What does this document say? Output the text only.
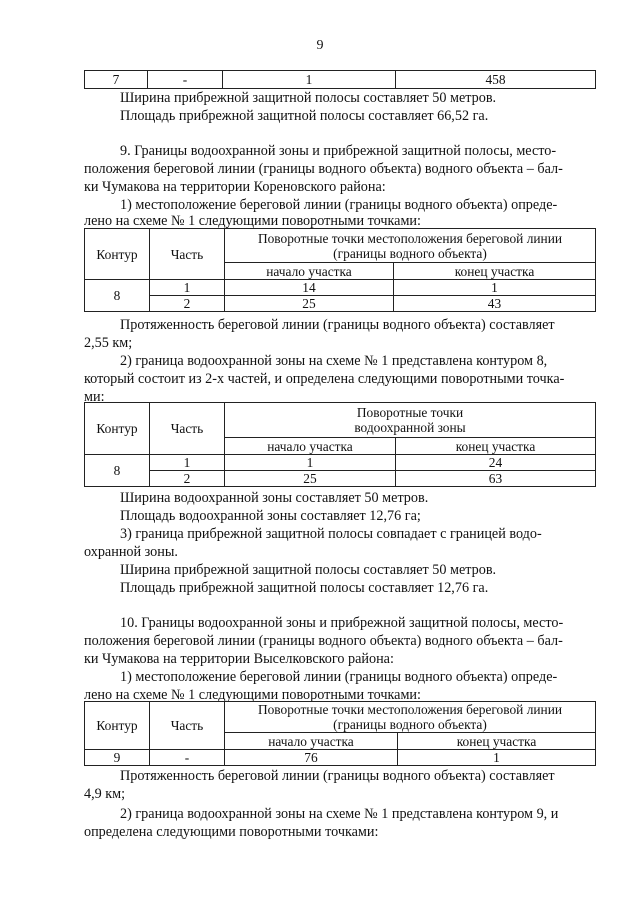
9
7	-	1	458
Ширина прибрежной защитной полосы составляет 50 метров.
Площадь прибрежной защитной полосы составляет 66,52 га.
9. Границы водоохранной зоны и прибрежной защитной полосы, место-
положения береговой линии (границы водного объекта) водного объекта – бал-
ки Чумакова на территории Кореновского района:
1) местоположение береговой линии (границы водного объекта) опреде-
лено на схеме № 1 следующими поворотными точками:
Контур	Часть	Поворотные точки местоположения береговой линии
(границы водного объекта)	
		начало участка	конец участка
8	1	14	1
	2	25	43
Протяженность береговой линии (границы водного объекта) составляет
2,55 км;
2) граница водоохранной зоны на схеме № 1 представлена контуром 8,
который состоит из 2-х частей, и определена следующими поворотными точка-
ми:
Контур	Часть	Поворотные точки
водоохранной зоны	
		начало участка	конец участка
8	1	1	24
	2	25	63
Ширина водоохранной зоны составляет 50 метров.
Площадь водоохранной зоны составляет 12,76 га;
3) граница прибрежной защитной полосы совпадает с границей водо-
охранной зоны.
Ширина прибрежной защитной полосы составляет 50 метров.
Площадь прибрежной защитной полосы составляет 12,76 га.
10. Границы водоохранной зоны и прибрежной защитной полосы, место-
положения береговой линии (границы водного объекта) водного объекта – бал-
ки Чумакова на территории Выселковского района:
1) местоположение береговой линии (границы водного объекта) опреде-
лено на схеме № 1 следующими поворотными точками:
Контур	Часть	Поворотные точки местоположения береговой линии
(границы водного объекта)	
		начало участка	конец участка
9	-	76	1
Протяженность береговой линии (границы водного объекта) составляет
4,9 км;
2) граница водоохранной зоны на схеме № 1 представлена контуром 9, и
определена следующими поворотными точками:
